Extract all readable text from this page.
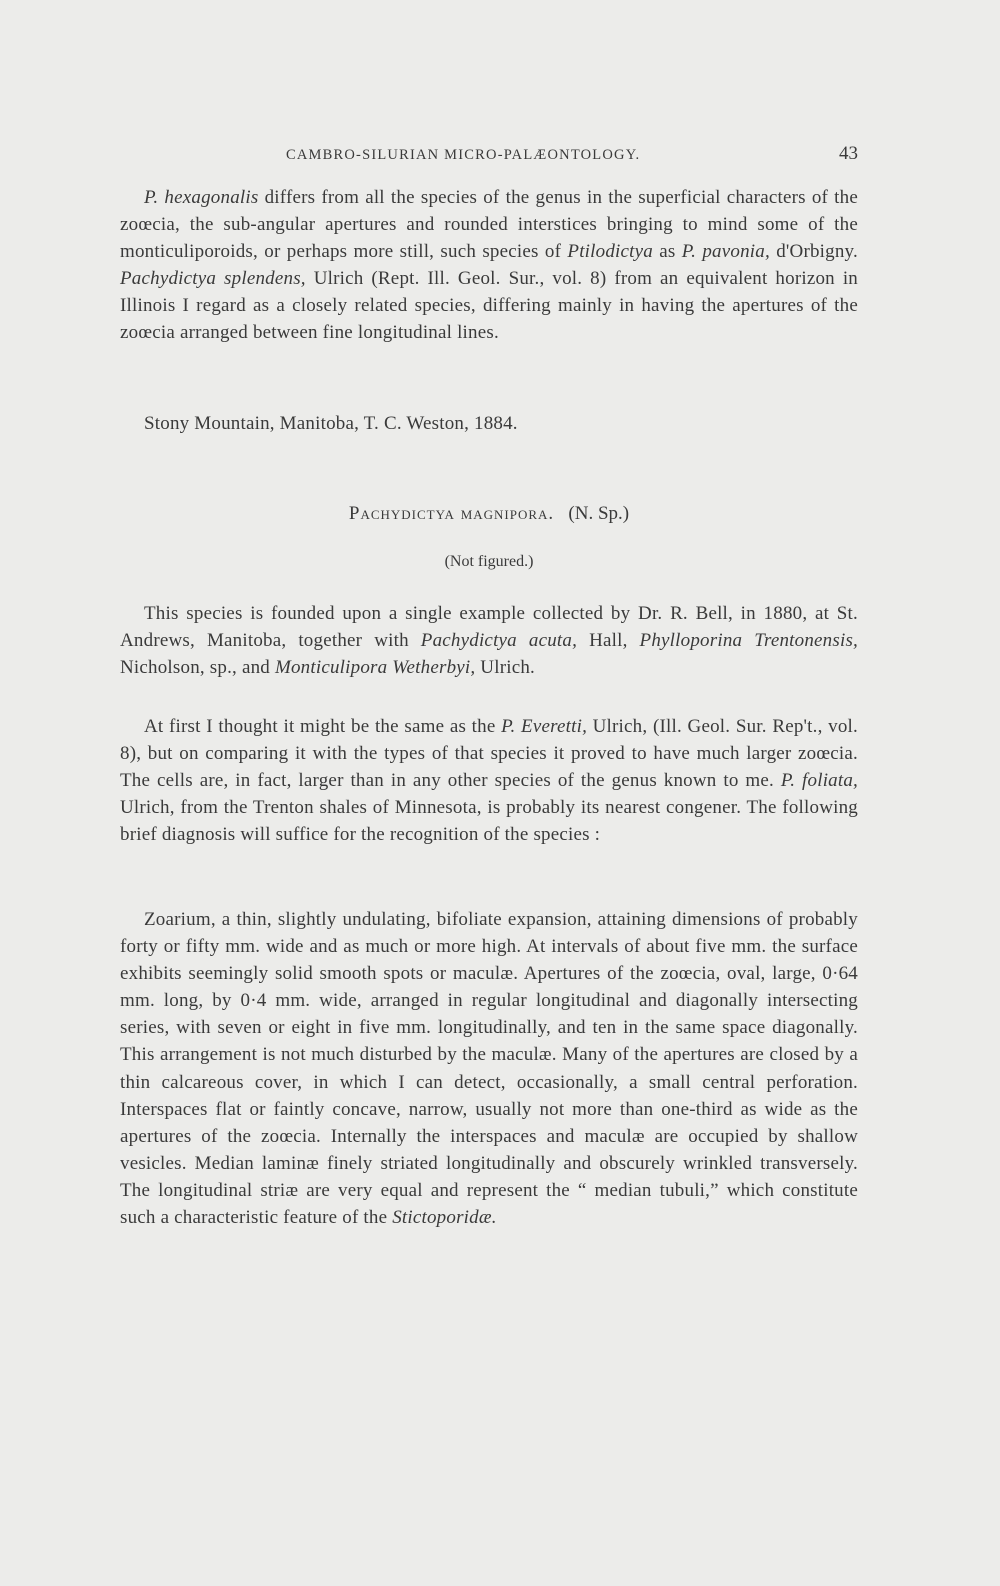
CAMBRO-SILURIAN MICRO-PALÆONTOLOGY.	43

P. hexagonalis differs from all the species of the genus in the superficial characters of the zoœcia, the sub-angular apertures and rounded interstices bringing to mind some of the monticuliporoids, or perhaps more still, such species of Ptilodictya as P. pavonia, d'Orbigny. Pachydictya splendens, Ulrich (Rept. Ill. Geol. Sur., vol. 8) from an equivalent horizon in Illinois I regard as a closely related species, differing mainly in having the apertures of the zoœcia arranged between fine longitudinal lines.

Stony Mountain, Manitoba, T. C. Weston, 1884.

Pachydictya magnipora. (N. Sp.)
(Not figured.)

This species is founded upon a single example collected by Dr. R. Bell, in 1880, at St. Andrews, Manitoba, together with Pachydictya acuta, Hall, Phylloporina Trentonensis, Nicholson, sp., and Monticulipora Wetherbyi, Ulrich.

At first I thought it might be the same as the P. Everetti, Ulrich, (Ill. Geol. Sur. Rep't., vol. 8), but on comparing it with the types of that species it proved to have much larger zoœcia. The cells are, in fact, larger than in any other species of the genus known to me. P. foliata, Ulrich, from the Trenton shales of Minnesota, is probably its nearest congener. The following brief diagnosis will suffice for the recognition of the species :

Zoarium, a thin, slightly undulating, bifoliate expansion, attaining dimensions of probably forty or fifty mm. wide and as much or more high. At intervals of about five mm. the surface exhibits seemingly solid smooth spots or maculæ. Apertures of the zoœcia, oval, large, 0·64 mm. long, by 0·4 mm. wide, arranged in regular longitudinal and diagonally intersecting series, with seven or eight in five mm. longitudinally, and ten in the same space diagonally. This arrangement is not much disturbed by the maculæ. Many of the apertures are closed by a thin calcareous cover, in which I can detect, occasionally, a small central perforation. Interspaces flat or faintly concave, narrow, usually not more than one-third as wide as the apertures of the zoœcia. Internally the interspaces and maculæ are occupied by shallow vesicles. Median laminæ finely striated longitudinally and obscurely wrinkled transversely. The longitudinal striæ are very equal and represent the “ median tubuli,” which constitute such a characteristic feature of the Stictoporidæ.
